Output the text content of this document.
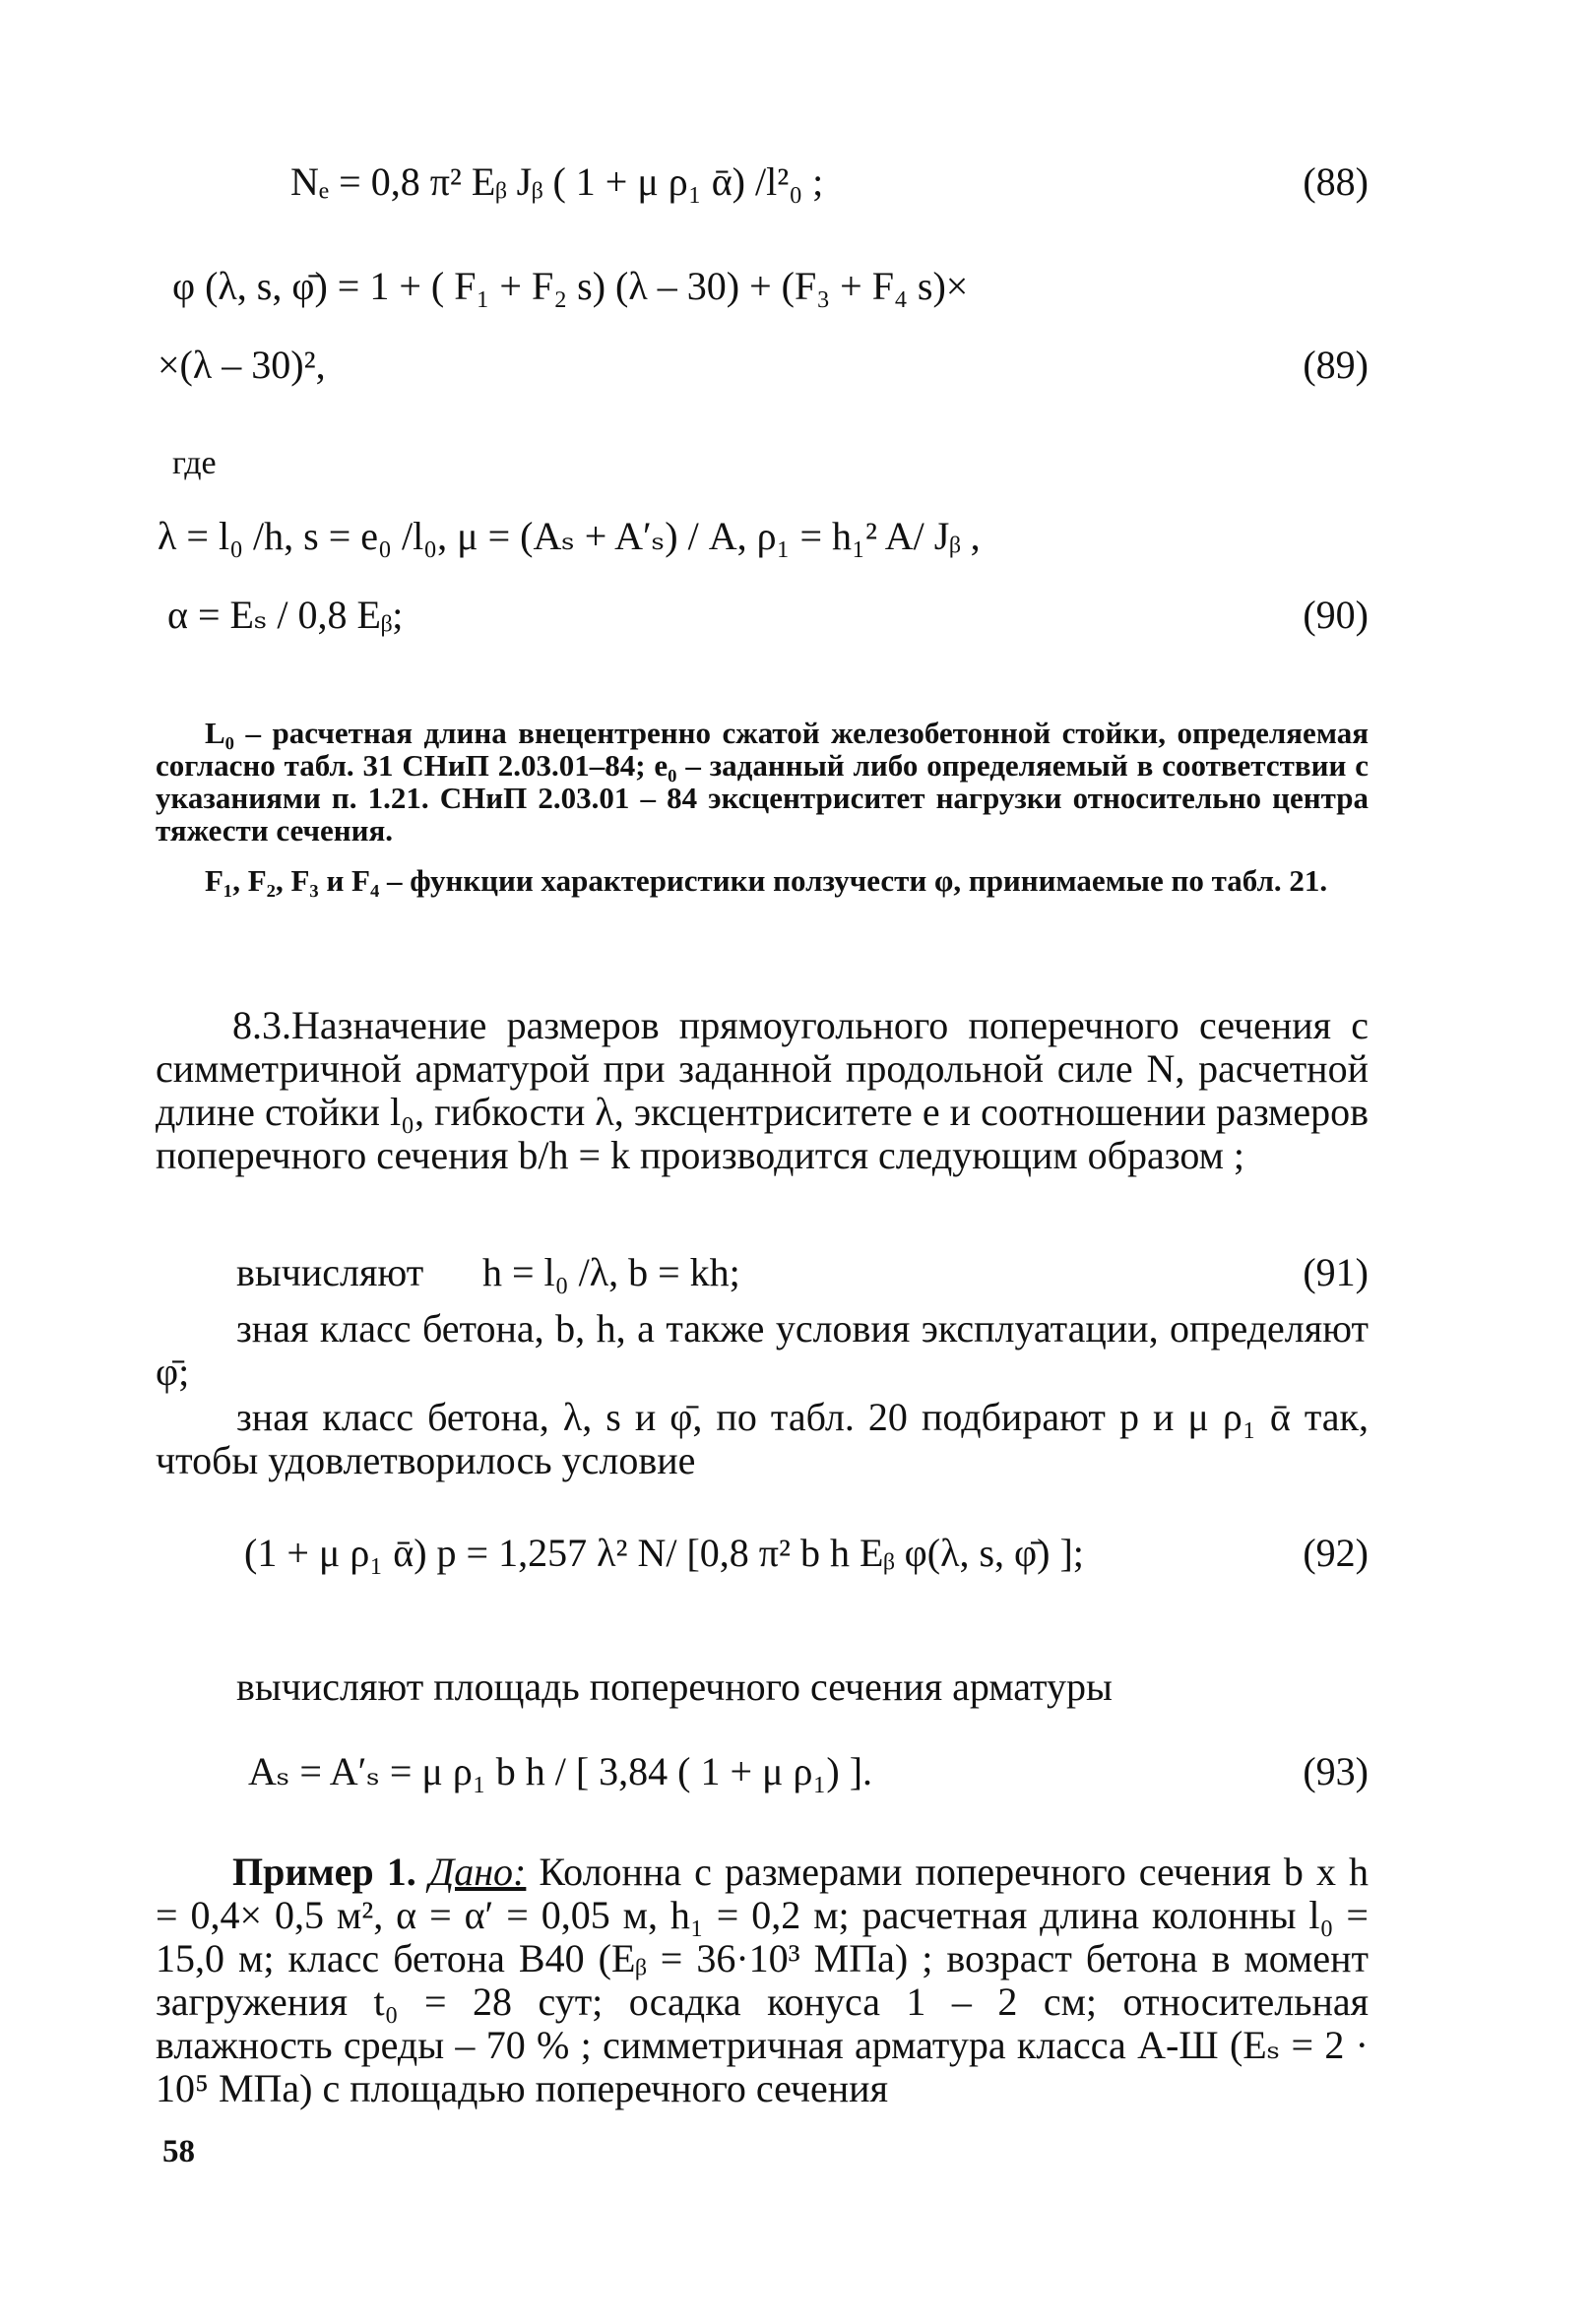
Nₑ = 0,8 π² Eᵦ Jᵦ ( 1 + μ ρ₁ ᾱ) /l²₀ ;	(88)
φ (λ, s, φ̄) = 1 + ( F₁ + F₂ s) (λ – 30) + (F₃ + F₄ s)×
×(λ – 30)²,	(89)
где
λ = l₀ /h, s = e₀ /l₀, μ = (Aₛ + A′ₛ) / A, ρ₁ = h₁² A/ Jᵦ ,
α = Eₛ / 0,8 Eᵦ;	(90)
L₀ – расчетная длина внецентренно сжатой железобетонной стойки, определяемая согласно табл. 31 СНиП 2.03.01–84; e₀ – заданный либо определяемый в соответствии с указаниями п. 1.21. СНиП 2.03.01 – 84 эксцентриситет нагрузки относительно центра тяжести сечения.
F₁, F₂, F₃ и F₄ – функции характеристики ползучести φ, принимаемые по табл. 21.
8.3.Назначение размеров прямоугольного поперечного сечения с симметричной арматурой при заданной продольной силе N, расчетной длине стойки l₀, гибкости λ, эксцентриситете e и соотношении размеров поперечного сечения b/h = k производится следующим образом ;
вычисляют h = l₀ /λ, b = kh;	(91)
зная класс бетона, b, h, а также условия эксплуатации, определяют φ̄;
зная класс бетона, λ, s и φ̄, по табл. 20 подбирают p и μ ρ₁ ᾱ так, чтобы удовлетворилось условие
(1 + μ ρ₁ ᾱ) p = 1,257 λ² N/ [0,8 π² b h Eᵦ φ(λ, s, φ̄) ];	(92)
вычисляют площадь поперечного сечения арматуры
Aₛ = A′ₛ = μ ρ₁ b h / [ 3,84 ( 1 + μ ρ₁) ].	(93)
Пример 1. Дано: Колонна с размерами поперечного сечения b x h = 0,4× 0,5 м², α = α′ = 0,05 м, h₁ = 0,2 м; расчетная длина колонны l₀ = 15,0 м; класс бетона В40 (Eᵦ = 36·10³ МПа) ; возраст бетона в момент загружения t₀ = 28 сут; осадка конуса 1 – 2 см; относительная влажность среды – 70 % ; симметричная арматура класса А-Ш (Eₛ = 2 · 10⁵ МПа) с площадью поперечного сечения
58
